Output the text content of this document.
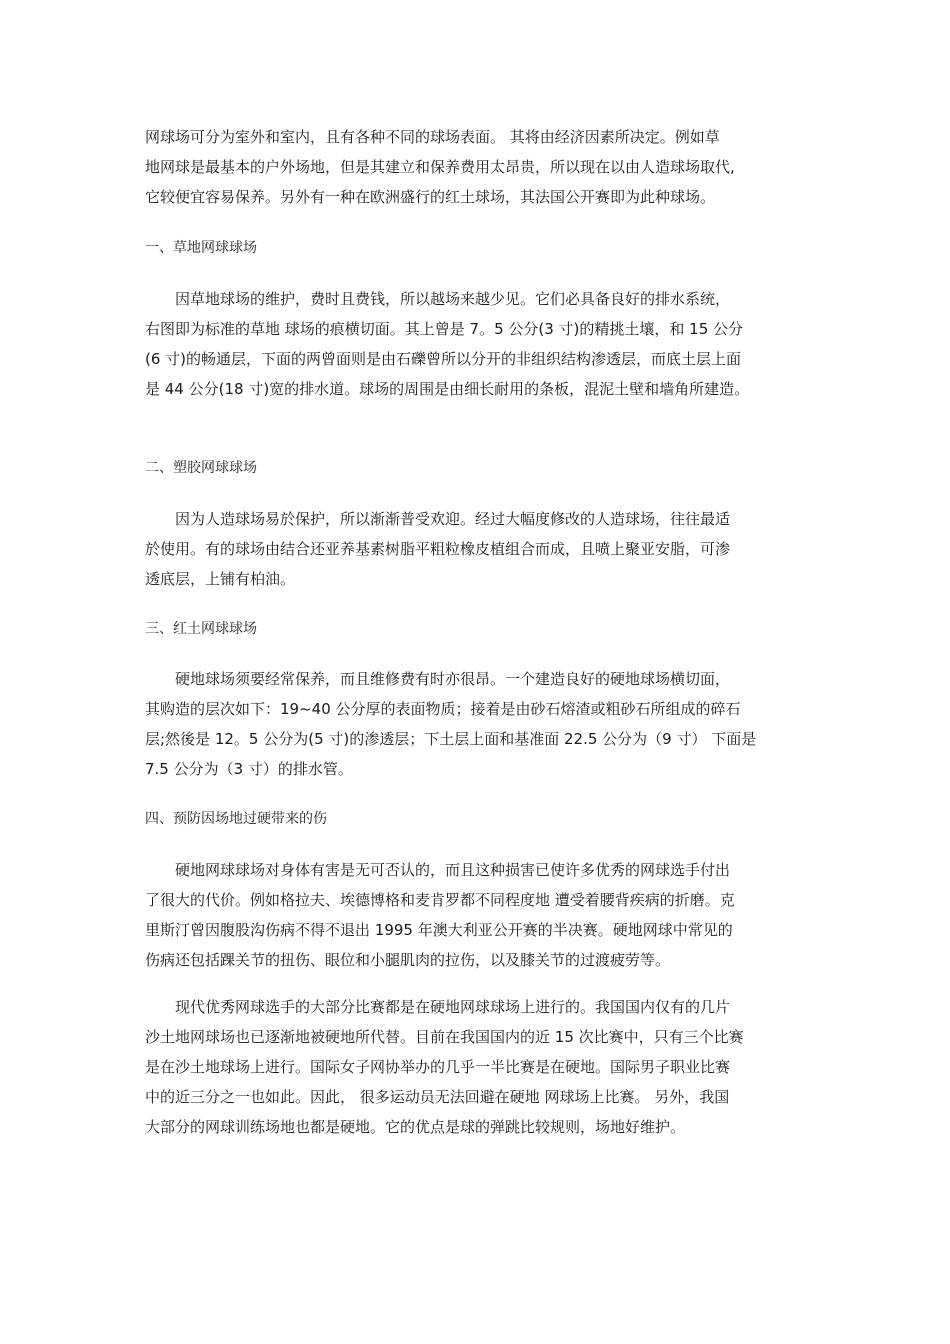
网球场可分为室外和室内，且有各种不同的球场表面。 其将由经济因素所决定。例如草
地网球是最基本的户外场地，但是其建立和保养费用太昂贵，所以现在以由人造球场取代,
它较便宜容易保养。另外有一种在欧洲盛行的红土球场，其法国公开赛即为此种球场。

一、草地网球球场

　　因草地球场的维护，费时且费钱，所以越场来越少见。它们必具备良好的排水系统，
右图即为标准的草地 球场的痕横切面。其上曾是 7。5 公分(3 寸)的精挑土壤，和 15 公分
(6 寸)的畅通层，下面的两曾面则是由石礫曾所以分开的非组织结构渗透层，而底土层上面
是 44 公分(18 寸)宽的排水道。球场的周围是由细长耐用的条板，混泥土壁和墙角所建造。

二、塑胶网球球场

　　因为人造球场易於保护，所以渐渐普受欢迎。经过大幅度修改的人造球场，往往最适
於使用。有的球场由结合还亚养基素树脂平粗粒橡皮植组合而成，且喷上聚亚安脂，可渗
透底层，上铺有柏油。

三、红土网球球场

　　硬地球场须要经常保养，而且维修费有时亦很昂。一个建造良好的硬地球场横切面，
其购造的层次如下：19~40 公分厚的表面物质；接着是由砂石熔渣或粗砂石所组成的碎石
层;然後是 12。5 公分为(5 寸)的渗透层；下土层上面和基准面 22.5 公分为（9 寸） 下面是
7.5 公分为（3 寸）的排水管。

四、预防因场地过硬带来的伤

　　硬地网球球场对身体有害是无可否认的，而且这种损害已使许多优秀的网球选手付出
了很大的代价。例如格拉夫、埃德博格和麦肯罗都不同程度地 遭受着腰背疾病的折磨。克
里斯汀曾因腹股沟伤病不得不退出 1995 年澳大利亚公开赛的半决赛。硬地网球中常见的
伤病还包括踝关节的扭伤、眼位和小腿肌肉的拉伤，以及膝关节的过渡疲劳等。

　　现代优秀网球选手的大部分比赛都是在硬地网球球场上进行的。我国国内仅有的几片
沙土地网球场也已逐渐地被硬地所代替。目前在我国国内的近 15 次比赛中，只有三个比赛
是在沙土地球场上进行。国际女子网协举办的几乎一半比赛是在硬地。国际男子职业比赛
中的近三分之一也如此。因此， 很多运动员无法回避在硬地 网球场上比赛。 另外，我国
大部分的网球训练场地也都是硬地。它的优点是球的弹跳比较规则，场地好维护。
